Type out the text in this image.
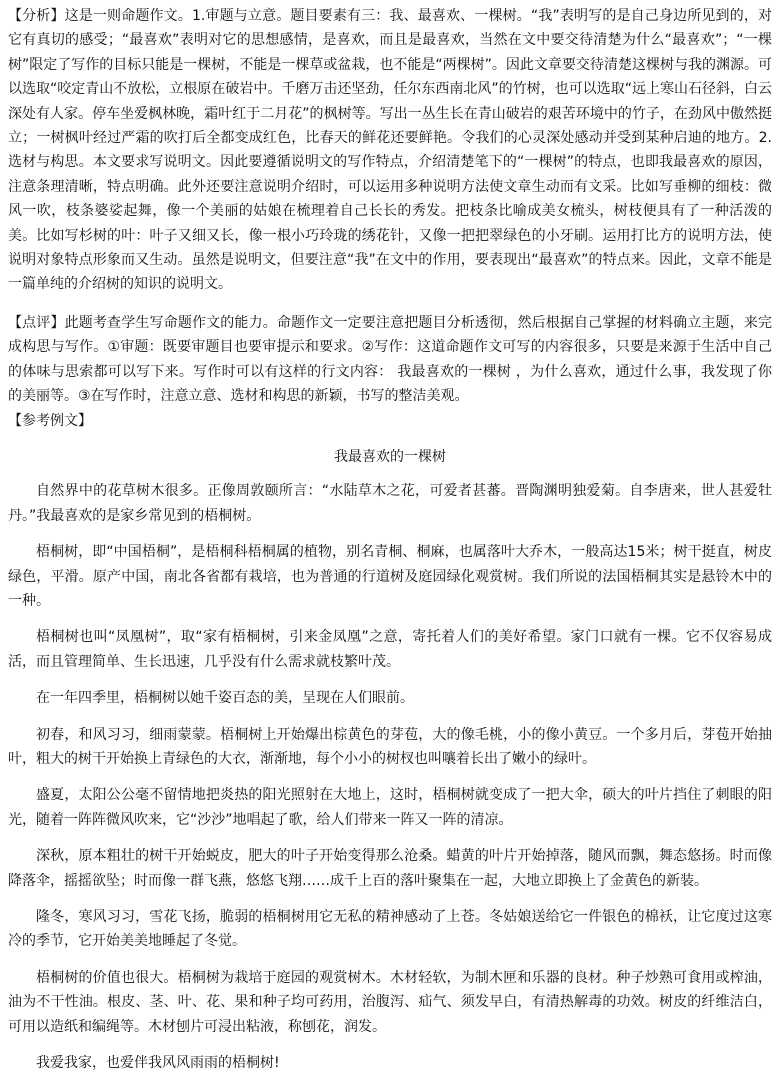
【分析】这是一则命题作文。1.审题与立意。题目要素有三：我、最喜欢、一棵树。“我”表明写的是自己身边所见到的，对它有真切的感受；“最喜欢”表明对它的思想感情，是喜欢，而且是最喜欢，当然在文中要交待清楚为什么“最喜欢”；“一棵树”限定了写作的目标只能是一棵树，不能是一棵草或盆栽，也不能是“两棵树”。因此文章要交待清楚这棵树与我的渊源。可以选取“咬定青山不放松，立根原在破岩中。千磨万击还坚劲，任尔东西南北风”的竹树，也可以选取“远上寒山石径斜，白云深处有人家。停车坐爱枫林晚，霜叶红于二月花”的枫树等。写出一丛生长在青山破岩的艰苦环境中的竹子，在劲风中傲然挺立；一树枫叶经过严霜的吹打后全都变成红色，比春天的鲜花还要鲜艳。令我们的心灵深处感动并受到某种启迪的地方。2.选材与构思。本文要求写说明文。因此要遵循说明文的写作特点，介绍清楚笔下的“一棵树”的特点，也即我最喜欢的原因，注意条理清晰，特点明确。此外还要注意说明介绍时，可以运用多种说明方法使文章生动而有文采。比如写垂柳的细枝：微风一吹，枝条婆娑起舞，像一个美丽的姑娘在梳理着自己长长的秀发。把枝条比喻成美女梳头，树枝便具有了一种活泼的美。比如写杉树的叶：叶子又细又长，像一根小巧玲珑的绣花针，又像一把把翠绿色的小牙刷。运用打比方的说明方法，使说明对象特点形象而又生动。虽然是说明文，但要注意“我”在文中的作用，要表现出“最喜欢”的特点来。因此，文章不能是一篇单纯的介绍树的知识的说明文。

【点评】此题考查学生写命题作文的能力。命题作文一定要注意把题目分析透彻，然后根据自己掌握的材料确立主题，来完成构思与写作。①审题：既要审题目也要审提示和要求。②写作：这道命题作文可写的内容很多，只要是来源于生活中自己的体味与思索都可以写下来。写作时可以有这样的行文内容： 我最喜欢的一棵树 ，为什么喜欢，通过什么事，我发现了你的美丽等。③在写作时，注意立意、选材和构思的新颖，书写的整洁美观。

【参考例文】

我最喜欢的一棵树

自然界中的花草树木很多。正像周敦颐所言：“水陆草木之花，可爱者甚蕃。晋陶渊明独爱菊。自李唐来，世人甚爱牡丹。”我最喜欢的是家乡常见到的梧桐树。

梧桐树，即“中国梧桐”，是梧桐科梧桐属的植物，别名青桐、桐麻，也属落叶大乔木，一般高达15米；树干挺直，树皮绿色，平滑。原产中国，南北各省都有栽培，也为普通的行道树及庭园绿化观赏树。我们所说的法国梧桐其实是悬铃木中的一种。

梧桐树也叫“凤凰树”，取“家有梧桐树，引来金凤凰”之意，寄托着人们的美好希望。家门口就有一棵。它不仅容易成活，而且管理简单、生长迅速，几乎没有什么需求就枝繁叶茂。

在一年四季里，梧桐树以她千姿百态的美，呈现在人们眼前。

初春，和风习习，细雨蒙蒙。梧桐树上开始爆出棕黄色的芽苞，大的像毛桃，小的像小黄豆。一个多月后，芽苞开始抽叶，粗大的树干开始换上青绿色的大衣，渐渐地，每个小小的树杈也叫嚷着长出了嫩小的绿叶。

盛夏，太阳公公毫不留情地把炎热的阳光照射在大地上，这时，梧桐树就变成了一把大伞，硕大的叶片挡住了刺眼的阳光，随着一阵阵微风吹来，它“沙沙”地唱起了歌，给人们带来一阵又一阵的清凉。

深秋，原本粗壮的树干开始蜕皮，肥大的叶子开始变得那么沧桑。蜡黄的叶片开始掉落，随风而飘，舞态悠扬。时而像降落伞，摇摇欲坠；时而像一群飞燕，悠悠飞翔……成千上百的落叶聚集在一起，大地立即换上了金黄色的新装。

隆冬，寒风习习，雪花飞扬，脆弱的梧桐树用它无私的精神感动了上苍。冬姑娘送给它一件银色的棉袄，让它度过这寒冷的季节，它开始美美地睡起了冬觉。

梧桐树的价值也很大。梧桐树为栽培于庭园的观赏树木。木材轻软，为制木匣和乐器的良材。种子炒熟可食用或榨油，油为不干性油。根皮、茎、叶、花、果和种子均可药用，治腹泻、疝气、须发早白，有清热解毒的功效。树皮的纤维洁白，可用以造纸和编绳等。木材刨片可浸出粘液，称刨花，润发。

我爱我家，也爱伴我风风雨雨的梧桐树!
